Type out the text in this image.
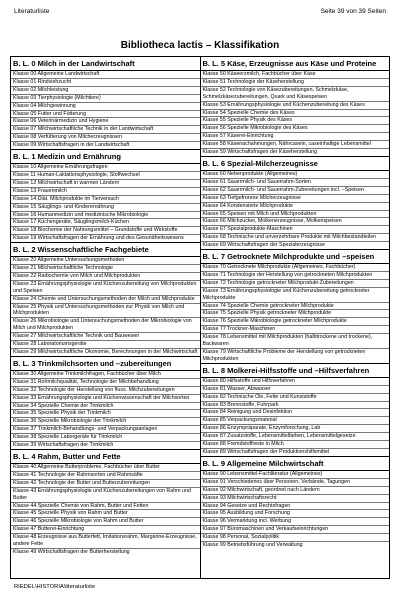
Literaturliste	Seite 39 von 39 Seiten
Bibliotheca lactis – Klassifikation
B. L. 0 Milch in der Landwirtschaft
Klasse 00 Allgemeine Landwirtschaft
Klasse 01 Rindviehzucht
Klasse 02 Milchleistung
Klasse 03 Tierphysiologie (Milchtiere)
Klasse 04 Milchgewinnung
Klasse 05 Futter und Fütterung
Klasse 06 Veterinärmedizin und Hygiene
Klasse 07 Milchwirtschaftliche Technik in der Landwirtschaft
Klasse 08 Verfütterung von Milcherzeugnissen
Klasse 09 Wirtschaftsfragen in der Landwirtschaft
B. L. 1 Medizin und Ernährung
Klasse 10 Allgemeine Ernährungsfragen
Klasse 11 Human-Laktationsphysiologie, Stoffwechsel
Klasse 12 Milchwirtschaft in warmen Ländern
Klasse 13 Frauenmilch
Klasse 14 Diät. Milchprodukte im Tierversuch
Klasse 15 Säuglings- und Kinderernährung
Klasse 16 Humanmedizin und medizinische Mikrobiologie
Klasse 17 Küchengeräte, Säuglingsmilch-Küchen
Klasse 18 Biochemie der Nahrungsmittel – Grundstoffe und Wirkstoffe
Klasse 19 Wirtschaftsfragen der Ernährung und des Gesundheitswesens
B. L. 2 Wissenschaftliche Fachgebiete
Klasse 20 Allgemeine Untersuchungsmethoden
Klasse 21 Milchwirtschaftliche Technologie
Klasse 22 Radiochemie von Milch und Milchprodukten
Klasse 23 Ernährungsphysiologie und Küchenzubereitung von Milchprodukten und Speisen
Klasse 24 Chemie und Untersuchungsmethoden der Milch und Milchprodukte
Klasse 25 Physik und Untersuchungsmethoden zur Physik von Milch und Milchprodukten
Klasse 26 Mikrobiologie und Untersuchungsmethoden der Mikrobiologie von Milch und Milchprodukten
Klasse 27 Milchwirtschaftliche Technik und Bauwesen
Klasse 28 Laboratoriumsgeräte
Klasse 29 Milchwirtschaftliche Ökonomie, Berechnungen in der Milchwirtschaft
B. L. 3 Trinkmilchsorten und –zubereitungen
Klasse 30 Allgemeine Trinkmilchfragen, Fachbücher über Milch
Klasse 31 Rohmilchqualität, Technologie der Milchbehandlung
Klasse 32 Technologie der Herstellung von fluss. Milchzubereitungen
Klasse 33 Ernährungsphysiologie und Küchenwissenschaft der Milchsorten
Klasse 34 Spezielle Chemie der Trinkmilch
Klasse 35 Spezielle Physik der Trinkmilch
Klasse 36 Spezielle Mikrobiologie der Trinkmilch
Klasse 37 Trinkmilch-Behandlungs- und Verpackungsanlagen
Klasse 38 Spezielle Laborgeräte für Trinkmilch
Klasse 39 Wirtschaftsfragen der Trinkmilch
B. L. 4 Rahm, Butter und Fette
Klasse 40 Allgemeine Butterprobleme, Fachbücher über Butter
Klasse 41 Technologie der Rahmsorten und Rahmsäfte
Klasse 42 Technologie der Butter und Butterzubereitungen
Klasse 43 Ernährungsphysiologie und Küchenzubereitungen von Rahm und Butter
Klasse 44 Spezielle Chemie von Rahm, Butter und Fetten
Klasse 45 Spezielle Physik von Rahm und Butter
Klasse 46 Spezielle Mikrobiologie von Rahm und Butter
Klasse 47 Butterei-Einrichtung
Klasse 48 Erzeugnisse aus Butterfett, Imitationsrahm, Margarine-Erzeugnisse, andere Fette
Klasse 49 Wirtschaftsfragen der Butterherstellung
B. L. 5 Käse, Erzeugnisse aus Käse und Proteine
Klasse 50 Käseerzmilch, Fachbücher über Käse
Klasse 51 Technologie der Käseherstellung
Klasse 52 Technologie von Käsezubereitungen, Schmelzkäse, Schmelzkäsezubereitungen, Quark und Käsespeisen
Klasse 53 Ernährungsphysiologie und Küchenzubereitung des Käses
Klasse 54 Spezielle Chemie des Käses
Klasse 55 Spezielle Physik des Käses
Klasse 56 Spezielle Mikrobiologie des Käses
Klasse 57 Käserei-Einrichtung
Klasse 58 Käsenachahmungen, Nährcasein, caseinhaltige Lebensmittel
Klasse 59 Wirtschaftsfragen der Käseherstellung
B. L. 6 Spezial-Milcherzeugnisse
Klasse 60 Nebenprodukte (Allgemeines)
Klasse 61 Sauermilch- und Sauerrahm-Sorten
Klasse 62 Sauermilch- und Sauerrahm-Zubereitungen incl. –Speisen
Klasse 63 Tiefgefrorene Milcherzeugnisse
Klasse 64 Kondensierte Milchprodukte
Klasse 65 Speisen mit Milch und Milchprodukten
Klasse 66 Milchzucker, Molkenerzeugnisse, Molkenspeisen
Klasse 67 Spezialprodukte-Maschinen
Klasse 68 Technische und unverzehrbare Produkte mit Milchbestandteilen
Klasse 69 Wirtschaftsfragen der Spezialerzeugnisse
B. L. 7 Getrocknete Milchprodukte und –speisen
Klasse 70 Getrocknete Milchprodukte (Allgemeines, Fachbücher)
Klasse 71 Technologie der Herstellung von getrockneten Milchprodukten
Klasse 72 Technologie getrockneter Milchprodukt-Zubereitungen
Klasse 73 Ernährungsphysiologie und Küchenzubereitung getrockneter Milchprodukte
Klasse 74 Spezielle Chemie getrockneter Milchprodukte
Klasse 75 Spezielle Physik getrockneter Milchprodukte
Klasse 76 Spezielle Mikrobiologie getrockneter Milchprodukte
Klasse 77 Trockner-Maschinen
Klasse 78 Lebensmittel mit Milchprodukten (halbtrockene und trockene), Backwaren
Klasse 79 Wirtschaftliche Probleme der Herstellung von getrockneten Milchprodukten
B. L. 8 Molkerei-Hilfsstoffe und –Hilfsverfahren
Klasse 80 Hilfsstoffe und Hilfsverfahren
Klasse 81 Wasser, Abwasser
Klasse 82 Technische Öle, Fette und Kunststoffe
Klasse 83 Brennstoffe, Fuhrpark
Klasse 84 Reinigung und Desinfektion
Klasse 85 Verpackungsmaterial
Klasse 86 Enzympräparate, Enzymforschung, Lab
Klasse 87 Zusatzstoffe, Lebensmittelfarben, Lebensmittelgesetze
Klasse 88 Fremdstoffreste in Milch
Klasse 89 Wirtschaftsfragen der Produktionshilfsmittel
B. L. 9 Allgemeine Milchwirtschaft
Klasse 90 Lebensmittel-Fachliteratur (Allgemeines)
Klasse 91 Verschiedenes über Personen, Verbände, Tagungen
Klasse 92 Milchwirtschaft, geordnet nach Ländern
Klasse 93 Milchwirtschaftsrecht
Klasse 94 Gesetze und Rechtsfragen
Klasse 95 Ausbildung und Forschung
Klasse 96 Vermarktung incl. Werbung
Klasse 97 Büromaschinen und Verkaufseinrichtungen
Klasse 98 Personal, Sozialpolitik
Klasse 99 Betriebsführung und Verwaltung
RIEDEL\HISTORIA\literaturliste
